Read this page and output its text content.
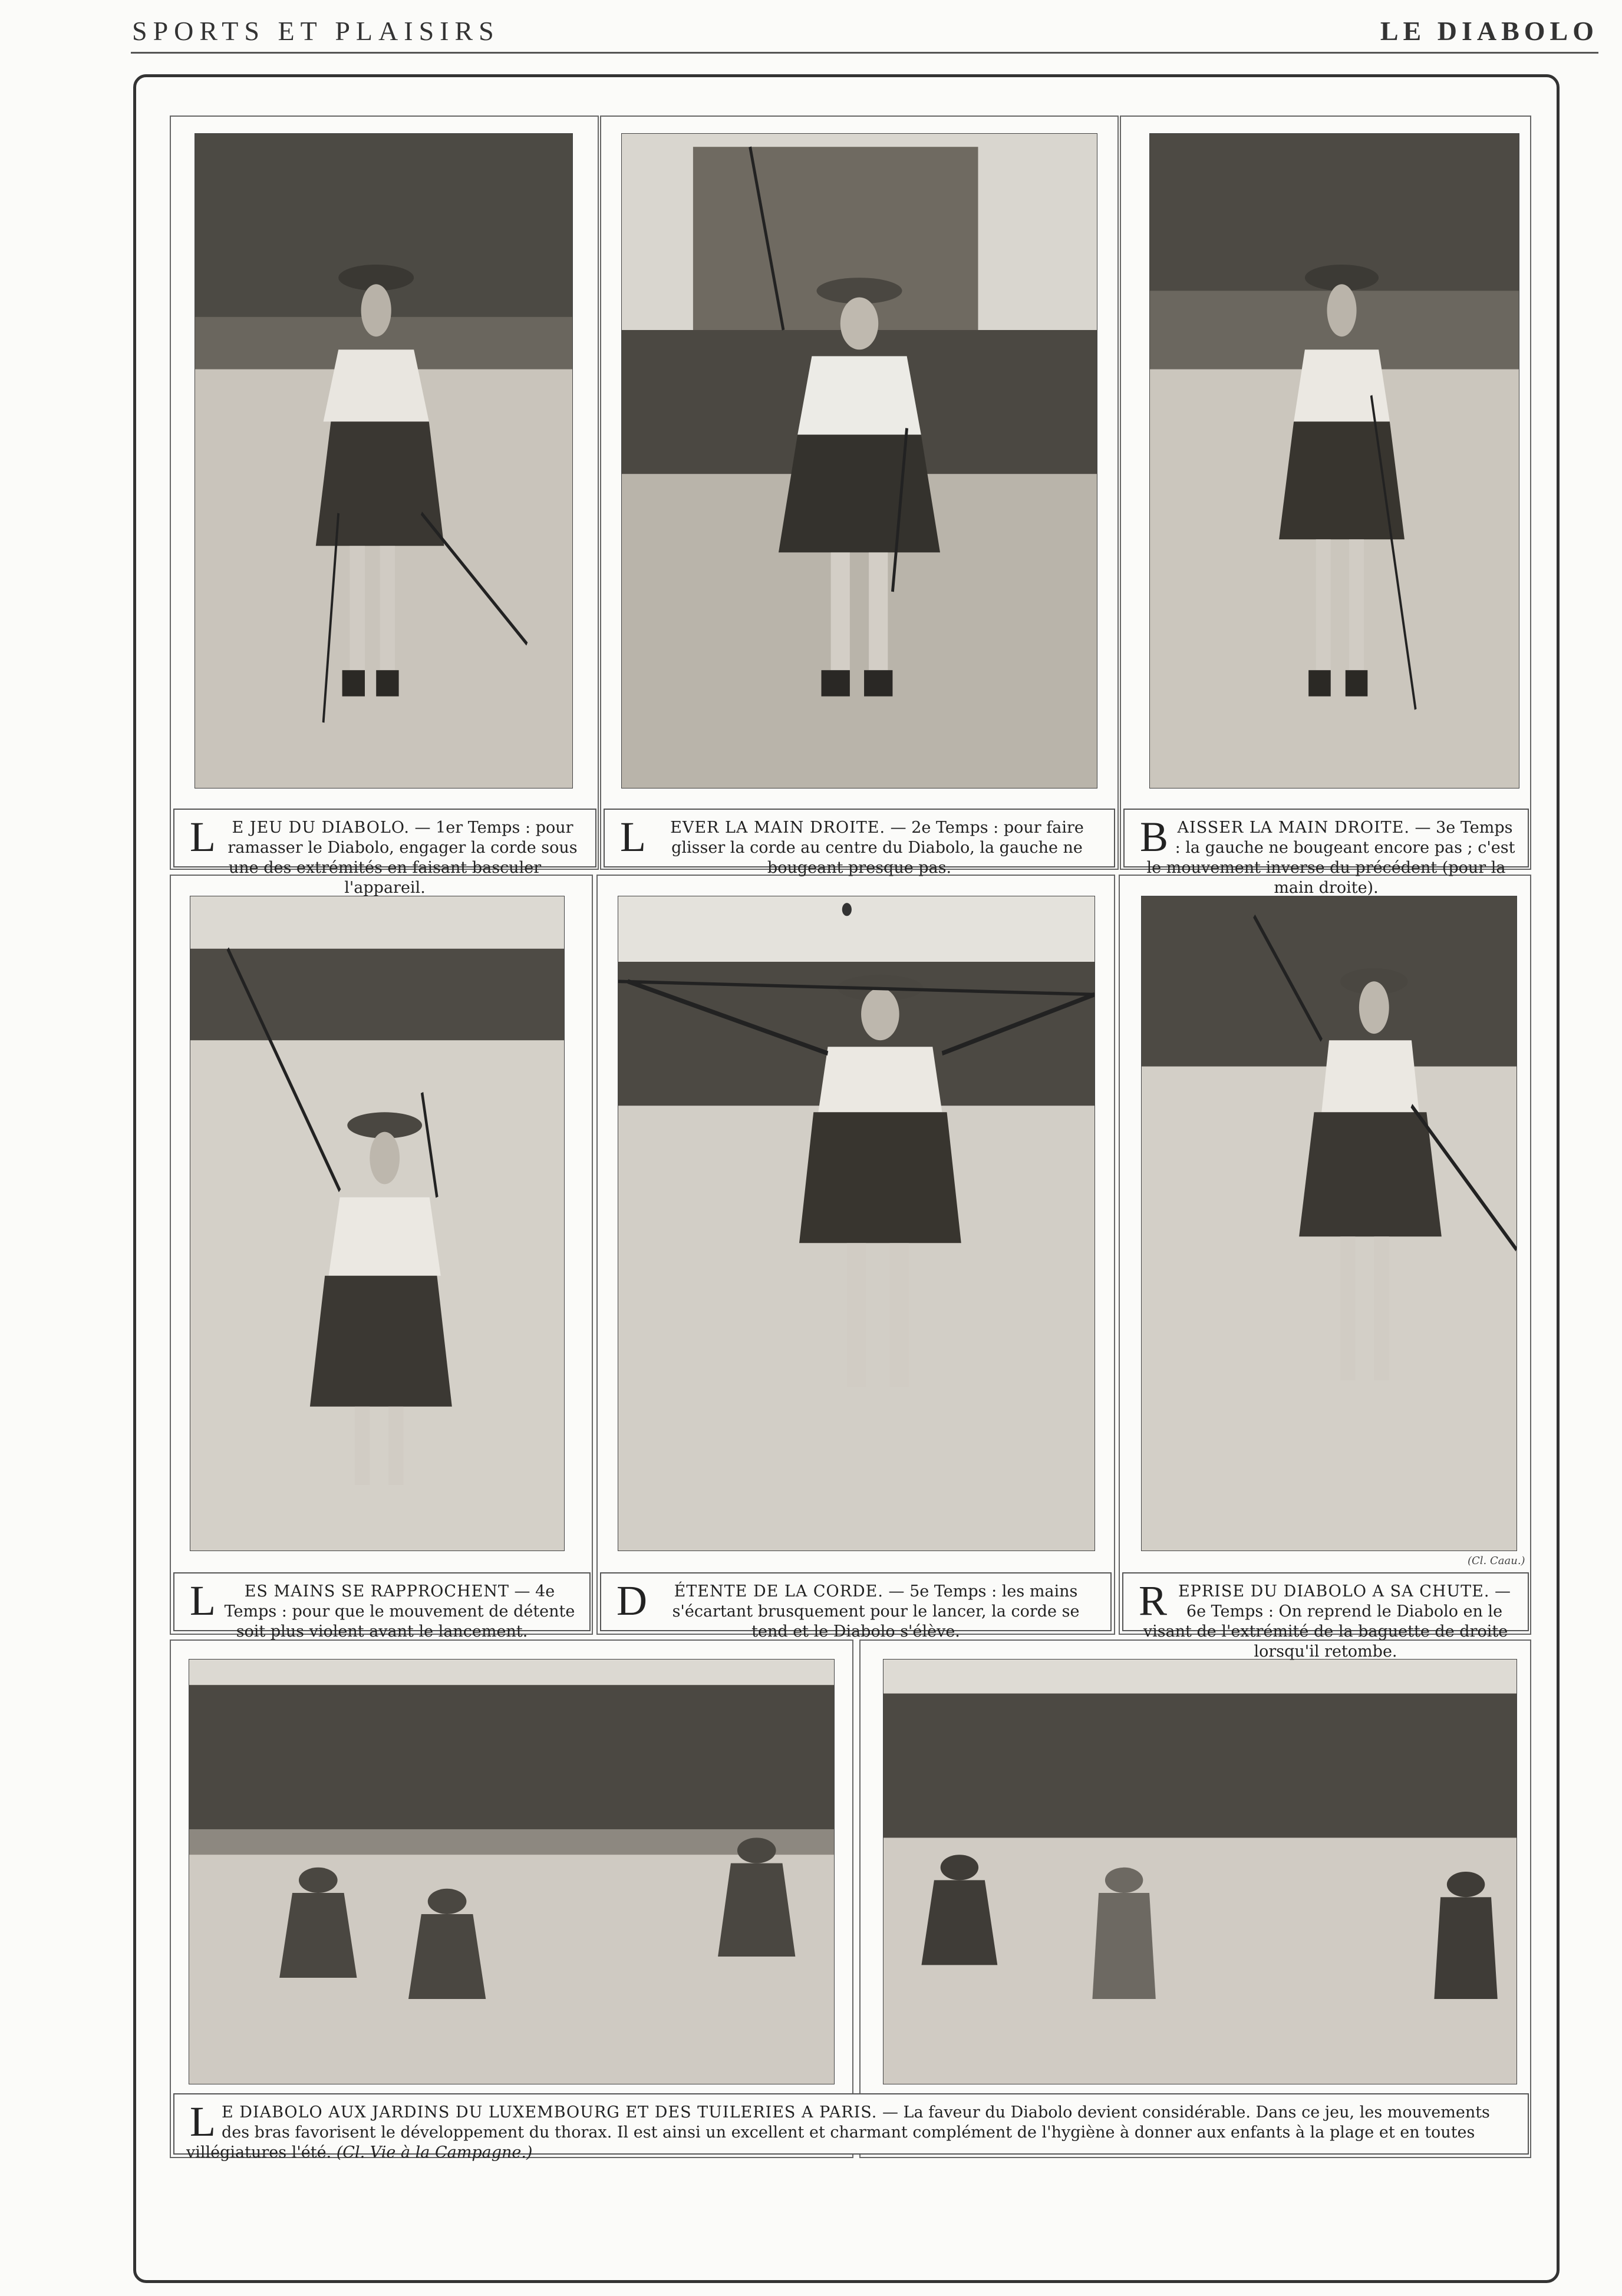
SPORTS ET PLAISIRS	LE DIABOLO
L E JEU DU DIABOLO. — 1er Temps : pour ramasser le Diabolo, engager la corde sous une des extrémités en faisant basculer l'appareil.
L EVER LA MAIN DROITE. — 2e Temps : pour faire glisser la corde au centre du Diabolo, la gauche ne bougeant presque pas.
BAISSER LA MAIN DROITE. — 3e Temps : la gauche ne bougeant encore pas ; c'est le mouvement inverse du précédent (pour la main droite).
L ES MAINS SE RAPPROCHENT — 4e Temps : pour que le mouvement de détente soit plus violent avant le lancement.
D ÉTENTE DE LA CORDE. — 5e Temps : les mains s'écartant brusquement pour le lancer, la corde se tend et le Diabolo s'élève.
REPRISE DU DIABOLO A SA CHUTE. — 6e Temps : On reprend le Diabolo en le visant de l'extrémité de la baguette de droite lorsqu'il retombe.
(Cl. Caau.)
L E DIABOLO AUX JARDINS DU LUXEMBOURG ET DES TUILERIES A PARIS. — La faveur du Diabolo devient considérable. Dans ce jeu, les mouvements des bras favorisent le développement du thorax. Il est ainsi un excellent et charmant complément de l'hygiène à donner aux enfants à la plage et en toutes villégiatures l'été. (Cl. Vie à la Campagne.)
